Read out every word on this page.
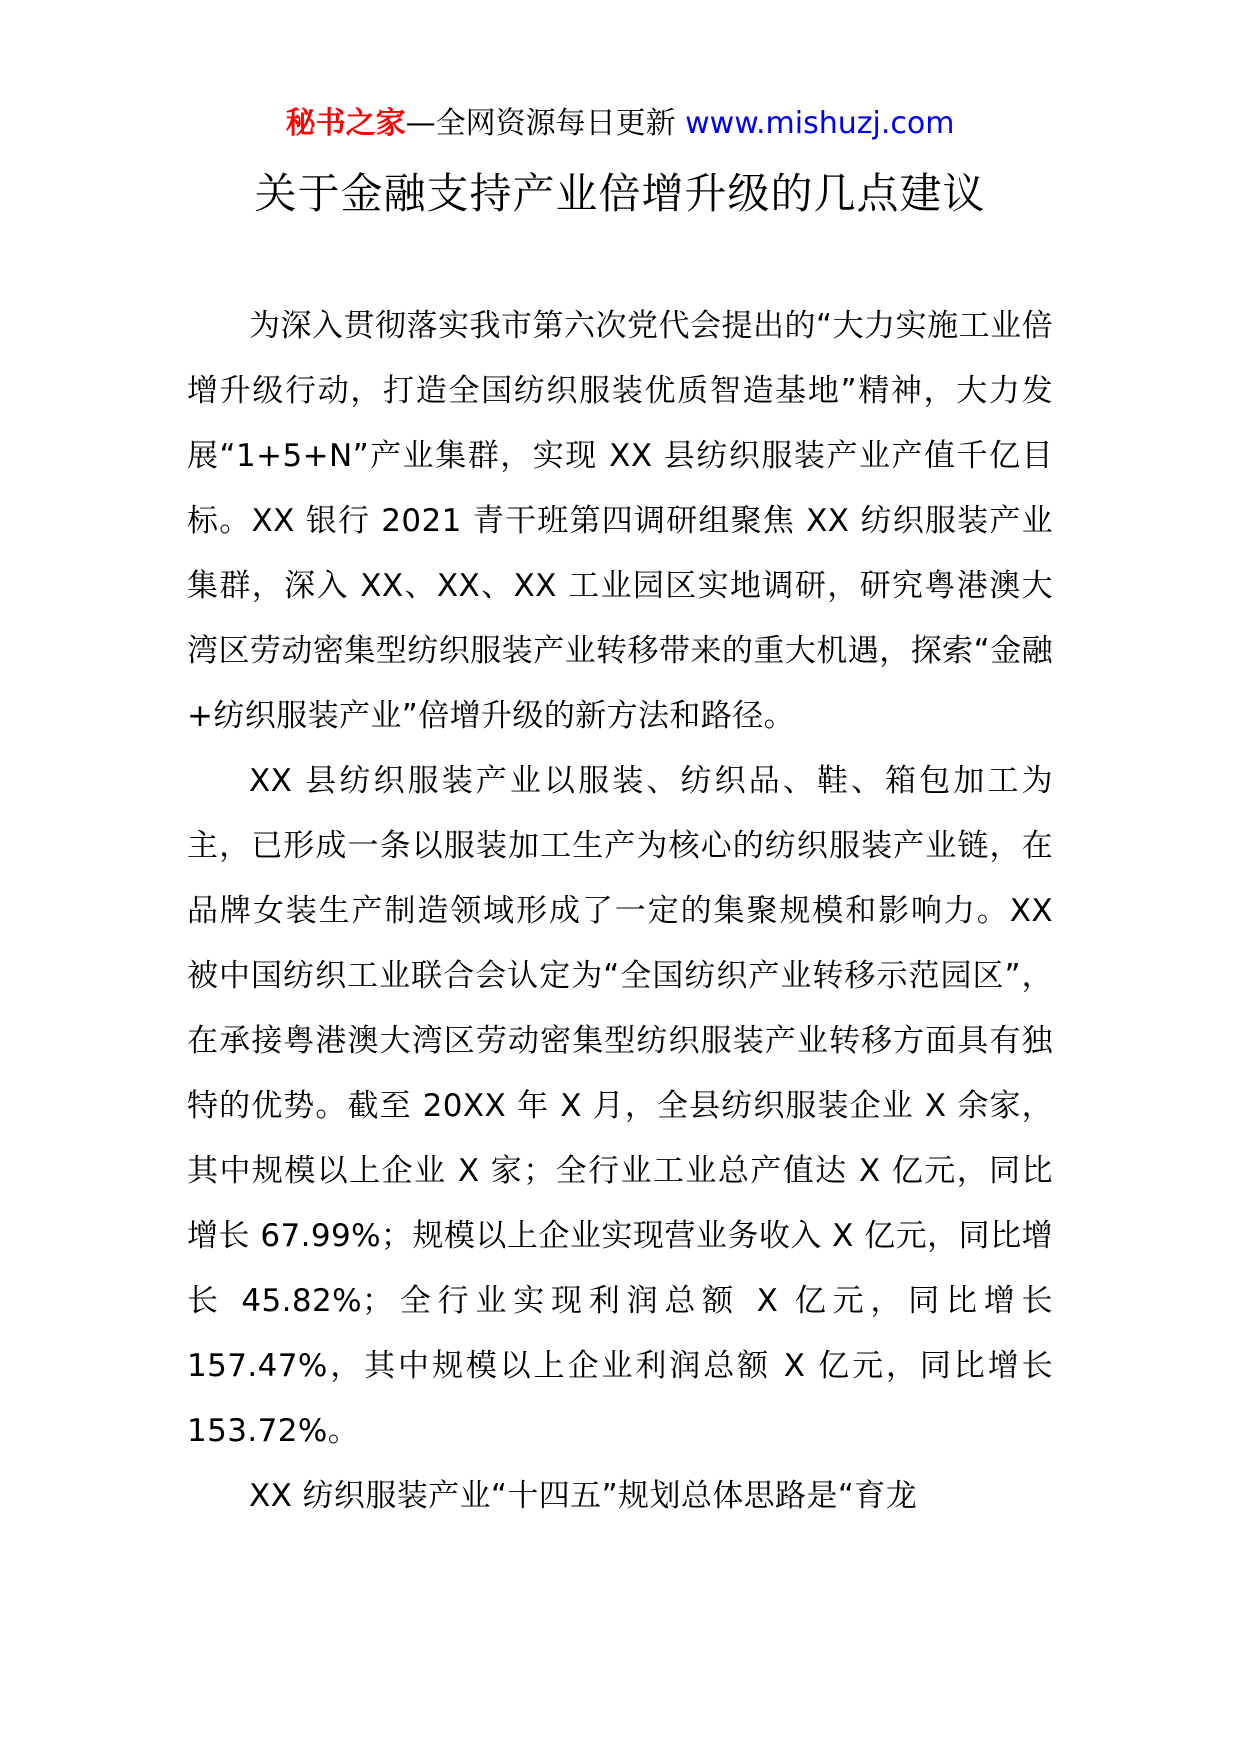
秘书之家—全网资源每日更新 www.mishuzj.com
关于金融支持产业倍增升级的几点建议

为深入贯彻落实我市第六次党代会提出的“大力实施工业倍增升级行动，打造全国纺织服装优质智造基地”精神，大力发展“1+5+N”产业集群，实现 XX 县纺织服装产业产值千亿目标。XX 银行 2021 青干班第四调研组聚焦 XX 纺织服装产业集群，深入 XX、XX、XX 工业园区实地调研，研究粤港澳大湾区劳动密集型纺织服装产业转移带来的重大机遇，探索“金融+纺织服装产业”倍增升级的新方法和路径。

XX 县纺织服装产业以服装、纺织品、鞋、箱包加工为主，已形成一条以服装加工生产为核心的纺织服装产业链，在品牌女装生产制造领域形成了一定的集聚规模和影响力。XX 被中国纺织工业联合会认定为“全国纺织产业转移示范园区”，在承接粤港澳大湾区劳动密集型纺织服装产业转移方面具有独特的优势。截至 20XX 年 X 月，全县纺织服装企业 X 余家，其中规模以上企业 X 家；全行业工业总产值达 X 亿元，同比增长 67.99%；规模以上企业实现营业务收入 X 亿元，同比增长 45.82%；全行业实现利润总额 X 亿元，同比增长 157.47%，其中规模以上企业利润总额 X 亿元，同比增长 153.72%。

XX 纺织服装产业“十四五”规划总体思路是“育龙
